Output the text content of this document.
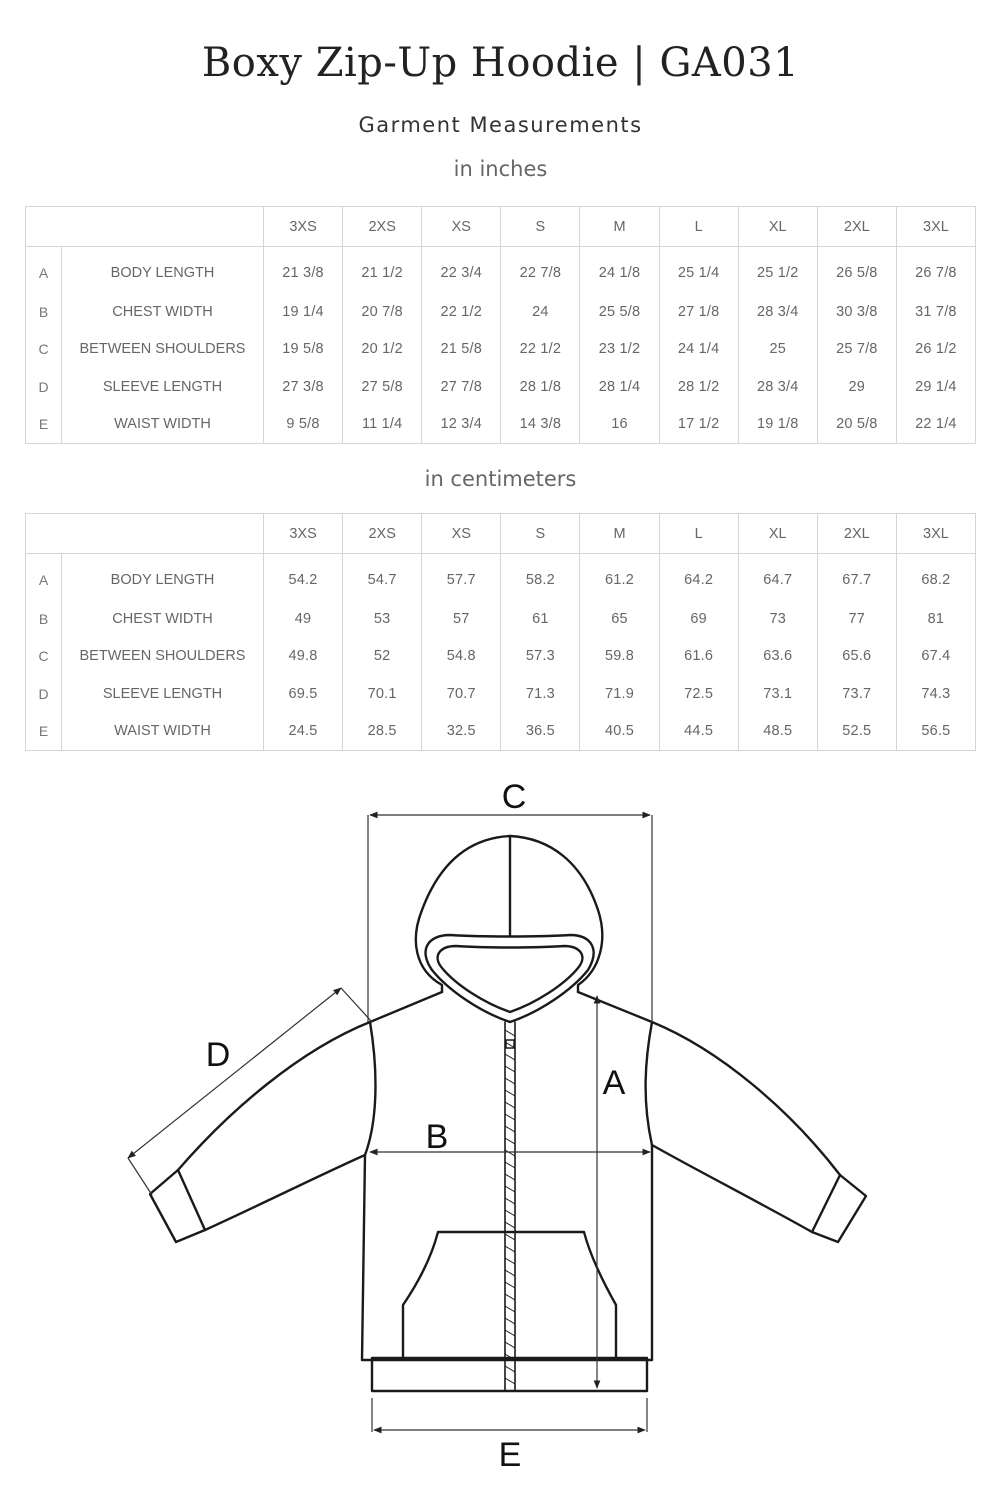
Boxy Zip-Up Hoodie | GA031
Garment Measurements
in inches
		3XS	2XS	XS	S	M	L	XL	2XL	3XL
A	BODY LENGTH	21 3/8	21 1/2	22 3/4	22 7/8	24 1/8	25 1/4	25 1/2	26 5/8	26 7/8
B	CHEST WIDTH	19 1/4	20 7/8	22 1/2	24	25 5/8	27 1/8	28 3/4	30 3/8	31 7/8
C	BETWEEN SHOULDERS	19 5/8	20 1/2	21 5/8	22 1/2	23 1/2	24 1/4	25	25 7/8	26 1/2
D	SLEEVE LENGTH	27 3/8	27 5/8	27 7/8	28 1/8	28 1/4	28 1/2	28 3/4	29	29 1/4
E	WAIST WIDTH	9 5/8	11 1/4	12 3/4	14 3/8	16	17 1/2	19 1/8	20 5/8	22 1/4
in centimeters
		3XS	2XS	XS	S	M	L	XL	2XL	3XL
A	BODY LENGTH	54.2	54.7	57.7	58.2	61.2	64.2	64.7	67.7	68.2
B	CHEST WIDTH	49	53	57	61	65	69	73	77	81
C	BETWEEN SHOULDERS	49.8	52	54.8	57.3	59.8	61.6	63.6	65.6	67.4
D	SLEEVE LENGTH	69.5	70.1	70.7	71.3	71.9	72.5	73.1	73.7	74.3
E	WAIST WIDTH	24.5	28.5	32.5	36.5	40.5	44.5	48.5	52.5	56.5
C
B
A
D
E
